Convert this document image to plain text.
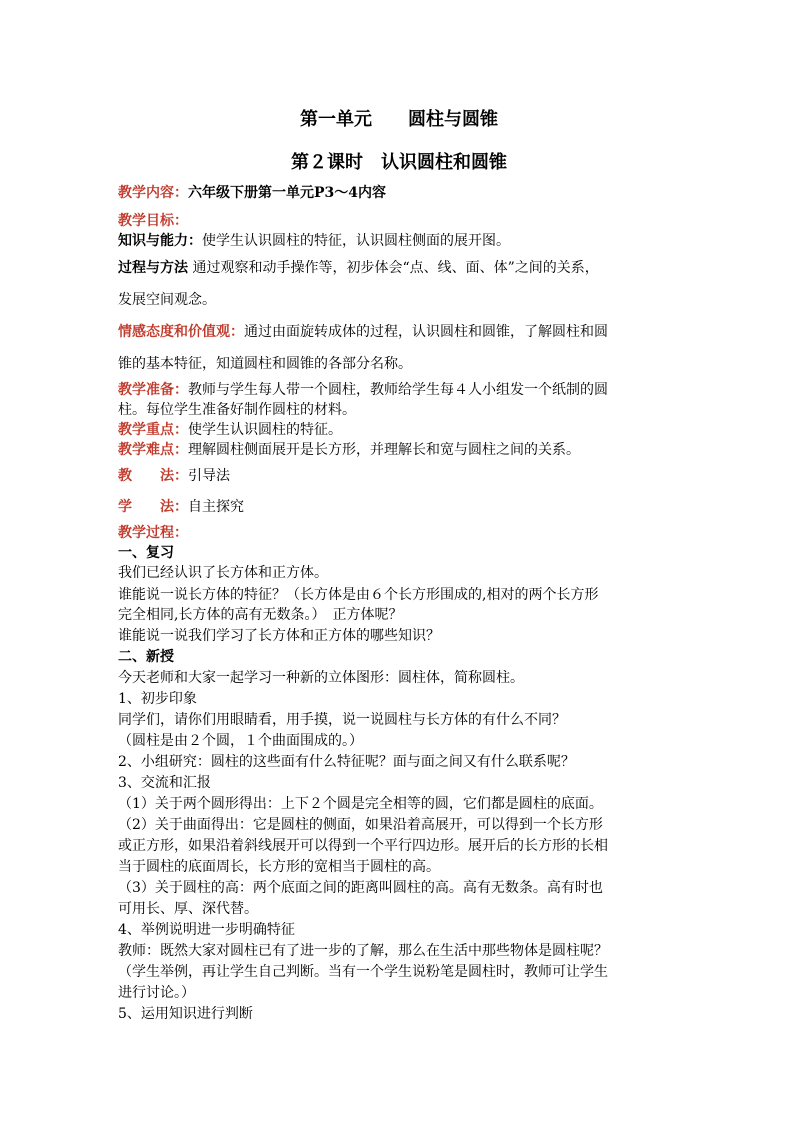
第一单元　　圆柱与圆锥
第２课时　认识圆柱和圆锥
教学内容：六年级下册第一单元P3～4内容
教学目标：
知识与能力：使学生认识圆柱的特征，认识圆柱侧面的展开图。
过程与方法 通过观察和动手操作等，初步体会“点、线、面、体”之间的关系，
发展空间观念。
情感态度和价值观：通过由面旋转成体的过程，认识圆柱和圆锥，了解圆柱和圆
锥的基本特征，知道圆柱和圆锥的各部分名称。
教学准备：教师与学生每人带一个圆柱，教师给学生每４人小组发一个纸制的圆
柱。每位学生准备好制作圆柱的材料。
教学重点：使学生认识圆柱的特征。
教学难点：理解圆柱侧面展开是长方形，并理解长和宽与圆柱之间的关系。
教　　法：引导法
学　　法：自主探究
教学过程：
一、复习
我们已经认识了长方体和正方体。
谁能说一说长方体的特征？（长方体是由６个长方形围成的,相对的两个长方形
完全相同,长方体的高有无数条。）　正方体呢？
谁能说一说我们学习了长方体和正方体的哪些知识？
二、新授
今天老师和大家一起学习一种新的立体图形：圆柱体，简称圆柱。
1、初步印象
同学们，请你们用眼睛看，用手摸，说一说圆柱与长方体的有什么不同？
（圆柱是由２个圆，１个曲面围成的。）
2、小组研究：圆柱的这些面有什么特征呢？面与面之间又有什么联系呢？
3、交流和汇报
（1）关于两个圆形得出：上下２个圆是完全相等的圆，它们都是圆柱的底面。
（2）关于曲面得出：它是圆柱的侧面，如果沿着高展开，可以得到一个长方形
或正方形，如果沿着斜线展开可以得到一个平行四边形。展开后的长方形的长相
当于圆柱的底面周长，长方形的宽相当于圆柱的高。
（3）关于圆柱的高：两个底面之间的距离叫圆柱的高。高有无数条。高有时也
可用长、厚、深代替。
4、举例说明进一步明确特征
教师：既然大家对圆柱已有了进一步的了解，那么在生活中那些物体是圆柱呢？
（学生举例，再让学生自己判断。当有一个学生说粉笔是圆柱时，教师可让学生
进行讨论。）
5、运用知识进行判断
